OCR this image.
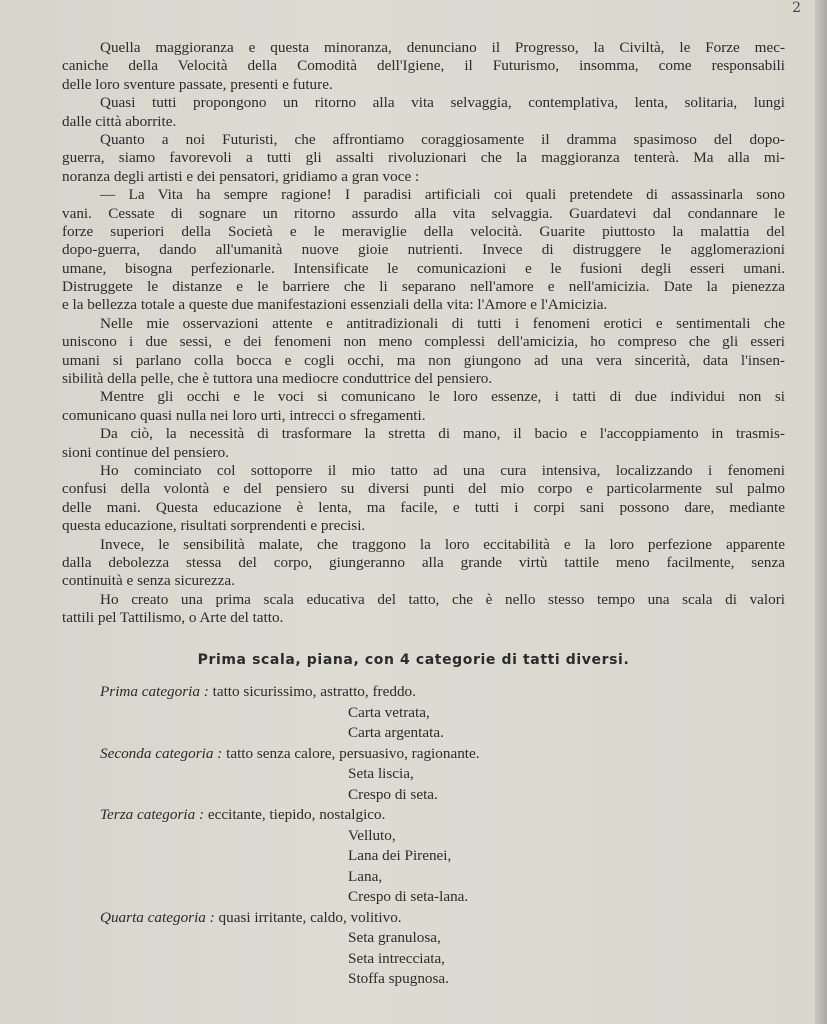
2
Quella maggioranza e questa minoranza, denunciano il Progresso, la Civiltà, le Forze mec-
caniche della Velocità della Comodità dell'Igiene, il Futurismo, insomma, come responsabili
delle loro sventure passate, presenti e future.
Quasi tutti propongono un ritorno alla vita selvaggia, contemplativa, lenta, solitaria, lungi
dalle città aborrite.
Quanto a noi Futuristi, che affrontiamo coraggiosamente il dramma spasimoso del dopo-
guerra, siamo favorevoli a tutti gli assalti rivoluzionari che la maggioranza tenterà. Ma alla mi-
noranza degli artisti e dei pensatori, gridiamo a gran voce :
— La Vita ha sempre ragione! I paradisi artificiali coi quali pretendete di assassinarla sono
vani. Cessate di sognare un ritorno assurdo alla vita selvaggia. Guardatevi dal condannare le
forze superiori della Società e le meraviglie della velocità. Guarite piuttosto la malattia del
dopo-guerra, dando all'umanità nuove gioie nutrienti. Invece di distruggere le agglomerazioni
umane, bisogna perfezionarle. Intensificate le comunicazioni e le fusioni degli esseri umani.
Distruggete le distanze e le barriere che li separano nell'amore e nell'amicizia. Date la pienezza
e la bellezza totale a queste due manifestazioni essenziali della vita: l'Amore e l'Amicizia.
Nelle mie osservazioni attente e antitradizionali di tutti i fenomeni erotici e sentimentali che
uniscono i due sessi, e dei fenomeni non meno complessi dell'amicizia, ho compreso che gli esseri
umani si parlano colla bocca e cogli occhi, ma non giungono ad una vera sincerità, data l'insen-
sibilità della pelle, che è tuttora una mediocre conduttrice del pensiero.
Mentre gli occhi e le voci si comunicano le loro essenze, i tatti di due individui non si
comunicano quasi nulla nei loro urti, intrecci o sfregamenti.
Da ciò, la necessità di trasformare la stretta di mano, il bacio e l'accoppiamento in trasmis-
sioni continue del pensiero.
Ho cominciato col sottoporre il mio tatto ad una cura intensiva, localizzando i fenomeni
confusi della volontà e del pensiero su diversi punti del mio corpo e particolarmente sul palmo
delle mani. Questa educazione è lenta, ma facile, e tutti i corpi sani possono dare, mediante
questa educazione, risultati sorprendenti e precisi.
Invece, le sensibilità malate, che traggono la loro eccitabilità e la loro perfezione apparente
dalla debolezza stessa del corpo, giungeranno alla grande virtù tattile meno facilmente, senza
continuità e senza sicurezza.
Ho creato una prima scala educativa del tatto, che è nello stesso tempo una scala di valori
tattili pel Tattilismo, o Arte del tatto.
Prima scala, piana, con 4 categorie di tatti diversi.
Prima categoria : tatto sicurissimo, astratto, freddo.
Carta vetrata,
Carta argentata.
Seconda categoria : tatto senza calore, persuasivo, ragionante.
Seta liscia,
Crespo di seta.
Terza categoria : eccitante, tiepido, nostalgico.
Velluto,
Lana dei Pirenei,
Lana,
Crespo di seta-lana.
Quarta categoria : quasi irritante, caldo, volitivo.
Seta granulosa,
Seta intrecciata,
Stoffa spugnosa.
